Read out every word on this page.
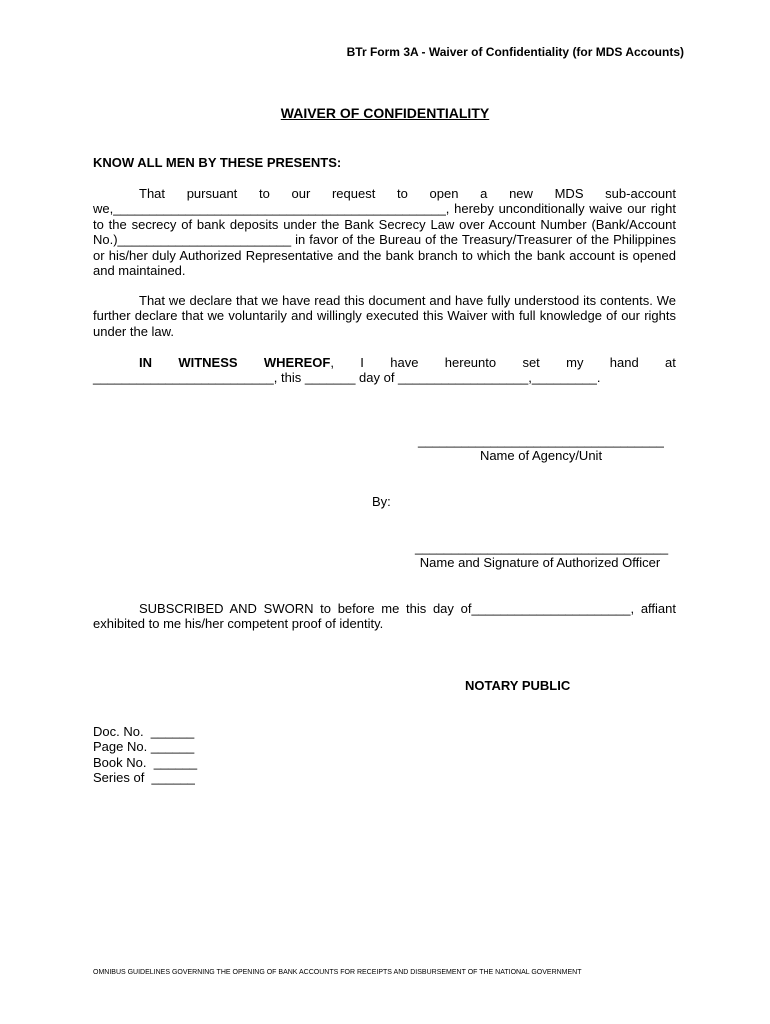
BTr Form 3A - Waiver of Confidentiality (for MDS Accounts)
WAIVER OF CONFIDENTIALITY
KNOW ALL MEN BY THESE PRESENTS:

That pursuant to our request to open a new MDS sub-account we,______________________________________________, hereby unconditionally waive our right to the secrecy of bank deposits under the Bank Secrecy Law over Account Number (Bank/Account No.)________________________ in favor of the Bureau of the Treasury/Treasurer of the Philippines or his/her duly Authorized Representative and the bank branch to which the bank account is opened and maintained.

That we declare that we have read this document and have fully understood its contents. We further declare that we voluntarily and willingly executed this Waiver with full knowledge of our rights under the law.

IN WITNESS WHEREOF, I have hereunto set my hand at
_________________________, this _______ day of __________________,_________.
__________________________________
Name of Agency/Unit
By:
___________________________________
Name and Signature of Authorized Officer

SUBSCRIBED AND SWORN to before me this day of______________________, affiant exhibited to me his/her competent proof of identity.

NOTARY PUBLIC
Doc. No.  ______
Page No. ______
Book No.  ______
Series of  ______
OMNIBUS GUIDELINES GOVERNING THE OPENING OF BANK ACCOUNTS FOR RECEIPTS AND DISBURSEMENT OF THE NATIONAL GOVERNMENT
